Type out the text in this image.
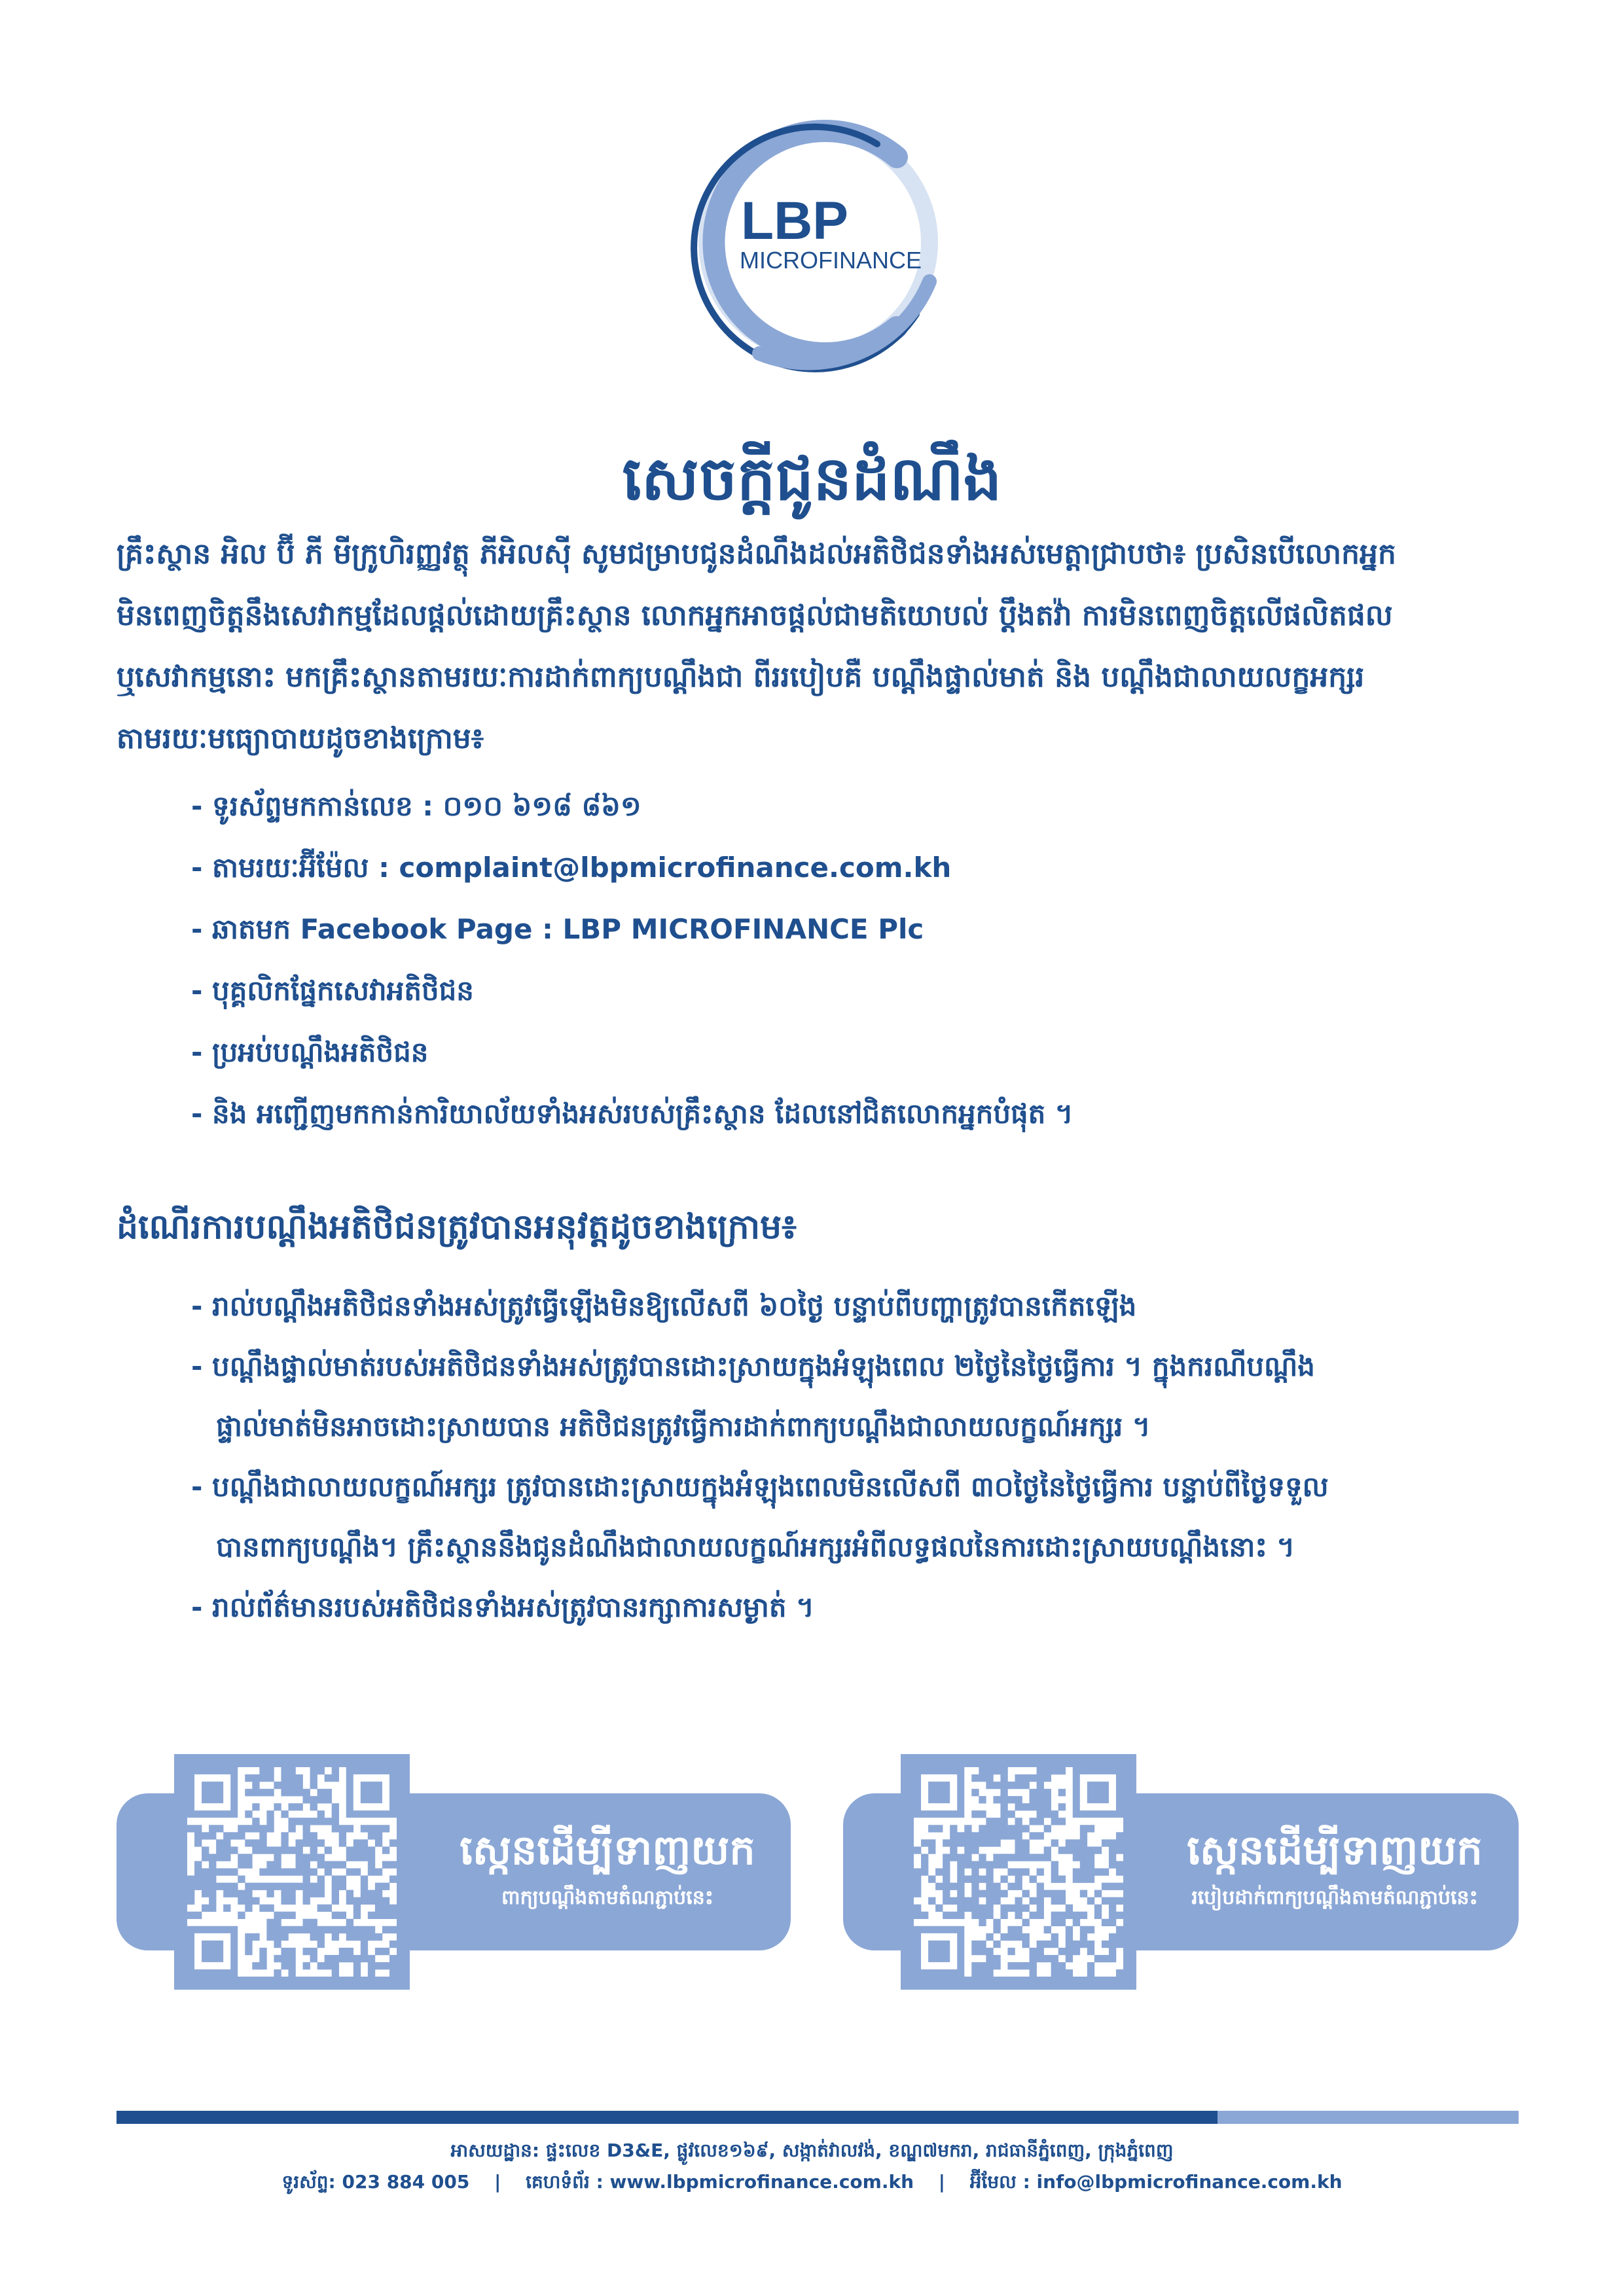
LBP
MICROFINANCE
សេចក្តីជូនដំណឹង

គ្រឹះស្ថាន អិល ប៊ី ភី មីក្រូហិរញ្ញវត្ថុ ភីអិលស៊ី សូមជម្រាបជូនដំណឹងដល់អតិថិជនទាំងអស់មេត្តាជ្រាបថា៖ ប្រសិនបើលោកអ្នក

មិនពេញចិត្តនឹងសេវាកម្មដែលផ្តល់ដោយគ្រឹះស្ថាន លោកអ្នកអាចផ្តល់ជាមតិយោបល់ ប្តឹងតវ៉ា ការមិនពេញចិត្តលើផលិតផល

ឬសេវាកម្មនោះ មកគ្រឹះស្ថានតាមរយៈការដាក់ពាក្យបណ្តឹងជា ពីររបៀបគឺ បណ្តឹងផ្ទាល់មាត់ និង បណ្តឹងជាលាយលក្ខអក្សរ

តាមរយៈមធ្យោបាយដូចខាងក្រោម៖

- ទូរស័ព្ទមកកាន់លេខ : ០១០ ៦១៨ ៨៦១
- តាមរយៈអ៊ីម៉ែល : complaint@lbpmicrofinance.com.kh
- ឆាតមក Facebook Page : LBP MICROFINANCE Plc
- បុគ្គលិកផ្នែកសេវាអតិថិជន
- ប្រអប់បណ្តឹងអតិថិជន
- និង អញ្ជើញមកកាន់ការិយាល័យទាំងអស់របស់គ្រឹះស្ថាន ដែលនៅជិតលោកអ្នកបំផុត ។
ដំណើរការបណ្តឹងអតិថិជនត្រូវបានអនុវត្តដូចខាងក្រោម៖
- រាល់បណ្តឹងអតិថិជនទាំងអស់ត្រូវធ្វើឡើងមិនឱ្យលើសពី ៦០ថ្ងៃ បន្ទាប់ពីបញ្ហាត្រូវបានកើតឡើង
- បណ្តឹងផ្ទាល់មាត់របស់អតិថិជនទាំងអស់ត្រូវបានដោះស្រាយក្នុងអំឡុងពេល ២ថ្ងៃនៃថ្ងៃធ្វើការ ។ ក្នុងករណីបណ្តឹង
ផ្ទាល់មាត់មិនអាចដោះស្រាយបាន អតិថិជនត្រូវធ្វើការដាក់ពាក្យបណ្តឹងជាលាយលក្ខណ៍អក្សរ ។
- បណ្តឹងជាលាយលក្ខណ៍អក្សរ ត្រូវបានដោះស្រាយក្នុងអំឡុងពេលមិនលើសពី ៣០ថ្ងៃនៃថ្ងៃធ្វើការ បន្ទាប់ពីថ្ងៃទទួល
បានពាក្យបណ្តឹង។ គ្រឹះស្ថាននឹងជូនដំណឹងជាលាយលក្ខណ៍អក្សរអំពីលទ្ធផលនៃការដោះស្រាយបណ្តឹងនោះ ។
- រាល់ព័ត៌មានរបស់អតិថិជនទាំងអស់ត្រូវបានរក្សាការសម្ងាត់ ។
ស្កេនដើម្បីទាញយក
ពាក្យបណ្តឹងតាមតំណភ្ជាប់នេះ
ស្កេនដើម្បីទាញយក
របៀបដាក់ពាក្យបណ្តឹងតាមតំណភ្ជាប់នេះ
អាសយដ្ឋាន: ផ្ទះលេខ D3&E, ផ្លូវលេខ១៦៩, សង្កាត់វាលវង់, ខណ្ឌ៧មករា, រាជធានីភ្នំពេញ, ក្រុងភ្នំពេញ
ទូរស័ព្ទ: 023 884 005 | គេហទំព័រ : www.lbpmicrofinance.com.kh | អ៊ីមែល : info@lbpmicrofinance.com.kh
